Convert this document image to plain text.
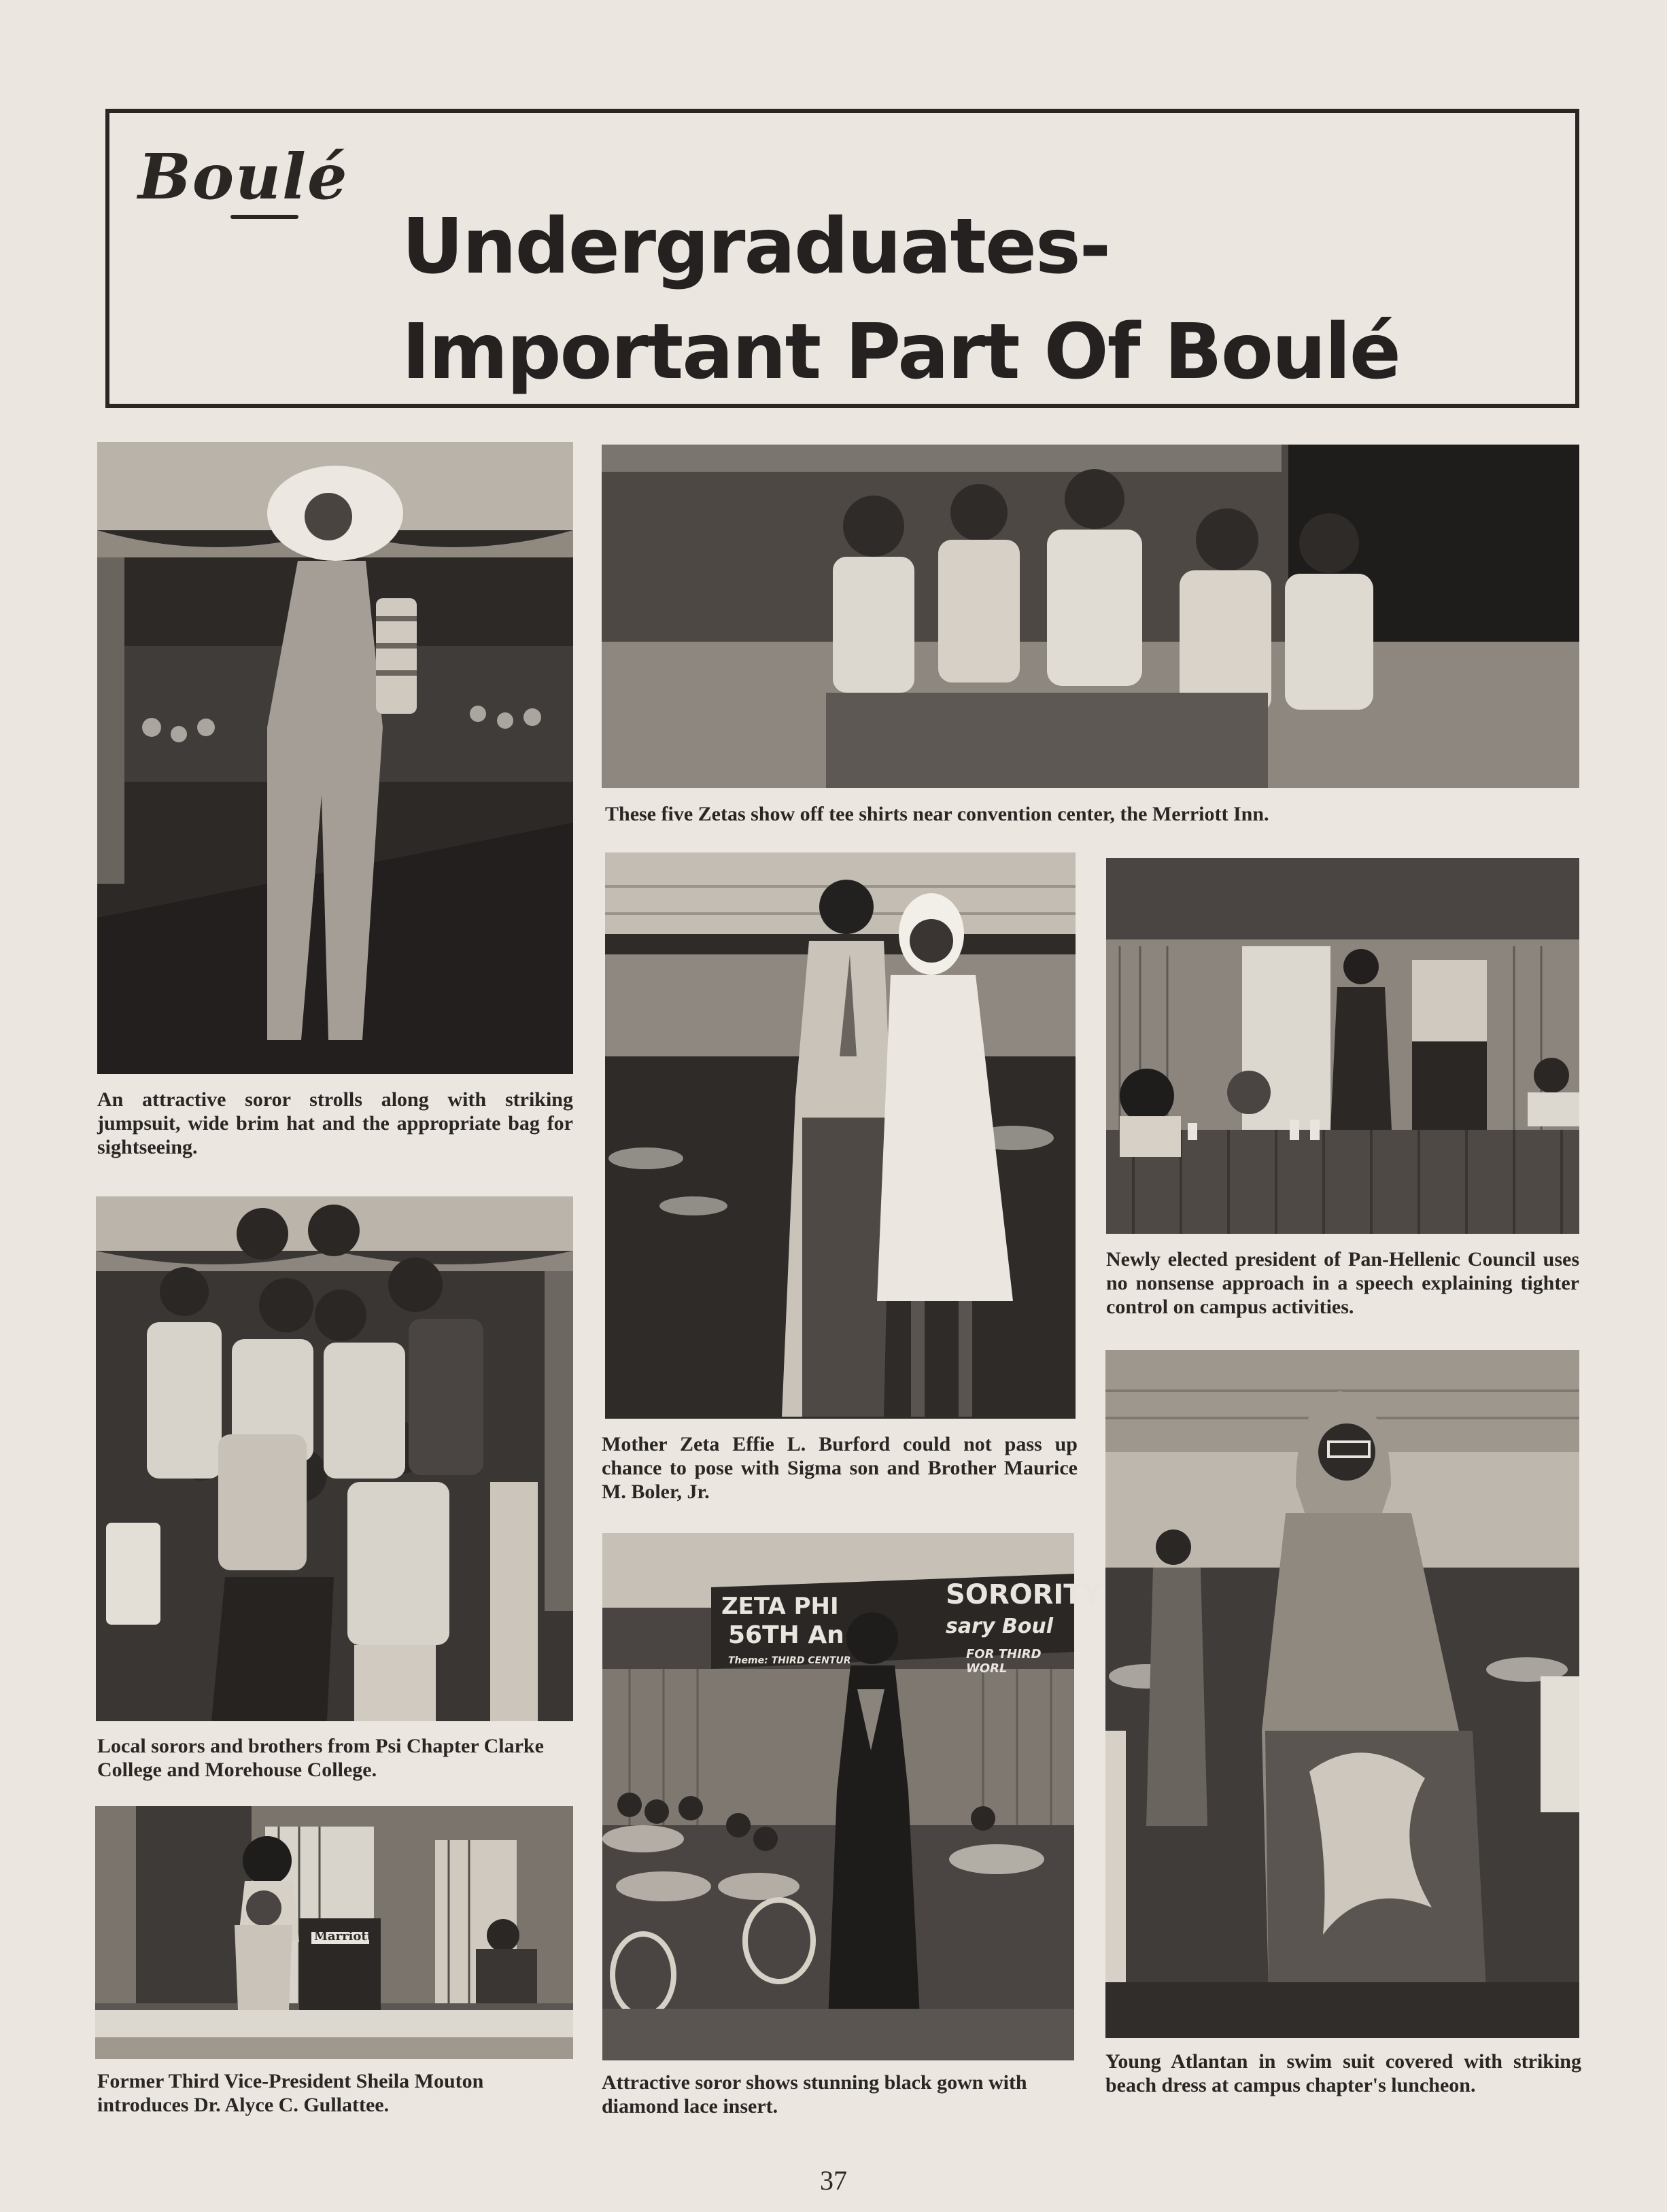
Boulé
Undergraduates-
Important Part Of Boulé
An attractive soror strolls along with striking jumpsuit, wide brim hat and the appropriate bag for sightseeing.
These five Zetas show off tee shirts near convention center, the Merriott Inn.
Mother Zeta Effie L. Burford could not pass up chance to pose with Sigma son and Brother Maurice M. Boler, Jr.
Newly elected president of Pan-Hellenic Council uses no nonsense approach in a speech explaining tighter control on campus activities.
Local sorors and brothers from Psi Chapter Clarke College and Morehouse College.
Marriott
Former Third Vice-President Sheila Mouton introduces Dr. Alyce C. Gullattee.
ZETA PHI	SORORITY
56TH An	sary Boul
FOR THIRD WORL
Theme: THIRD CENTUR
Attractive soror shows stunning black gown with diamond lace insert.
Young Atlantan in swim suit covered with striking beach dress at campus chapter's luncheon.
37
